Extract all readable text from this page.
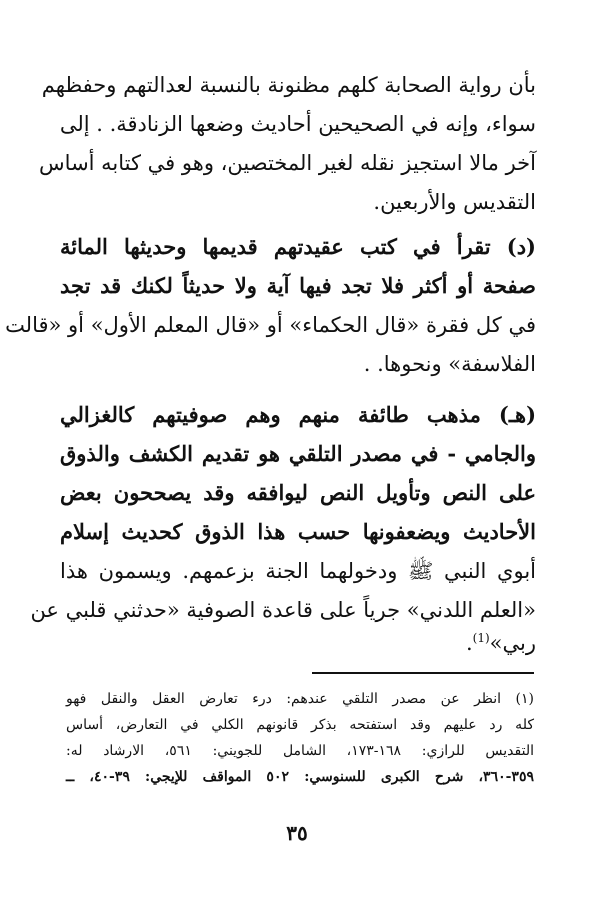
بأن رواية الصحابة كلهم مظنونة بالنسبة لعدالتهم وحفظهم
سواء، وإنه في الصحيحين أحاديث وضعها الزنادقة. . إلى
آخر مالا استجيز نقله لغير المختصين، وهو في كتابه أساس
التقديس والأربعين.
(د) تقرأ في كتب عقيدتهم قديمها وحديثها المائة
صفحة أو أكثر فلا تجد فيها آية ولا حديثاً لكنك قد تجد
في كل فقرة «قال الحكماء» أو «قال المعلم الأول» أو «قالت
الفلاسفة» ونحوها. .
(هـ) مذهب طائفة منهم وهم صوفيتهم كالغزالي
والجامي - في مصدر التلقي هو تقديم الكشف والذوق
على النص وتأويل النص ليوافقه وقد يصححون بعض
الأحاديث ويضعفونها حسب هذا الذوق كحديث إسلام
أبوي النبي ﷺ ودخولهما الجنة بزعمهم. ويسمون هذا
«العلم اللدني» جرياً على قاعدة الصوفية «حدثني قلبي عن
ربي»$^{(1)}$.
(١) انظر عن مصدر التلقي عندهم: درء تعارض العقل والنقل فهو
كله رد عليهم وقد استفتحه بذكر قانونهم الكلي في التعارض، أساس
التقديس للرازي: ١٦٨-١٧٣، الشامل للجويني: ٥٦١، الارشاد له:
٣٥٩-٣٦٠، شرح الكبرى للسنوسي: ٥٠٢ المواقف للإيجي: ٣٩-٤٠، ــ
٣٥
